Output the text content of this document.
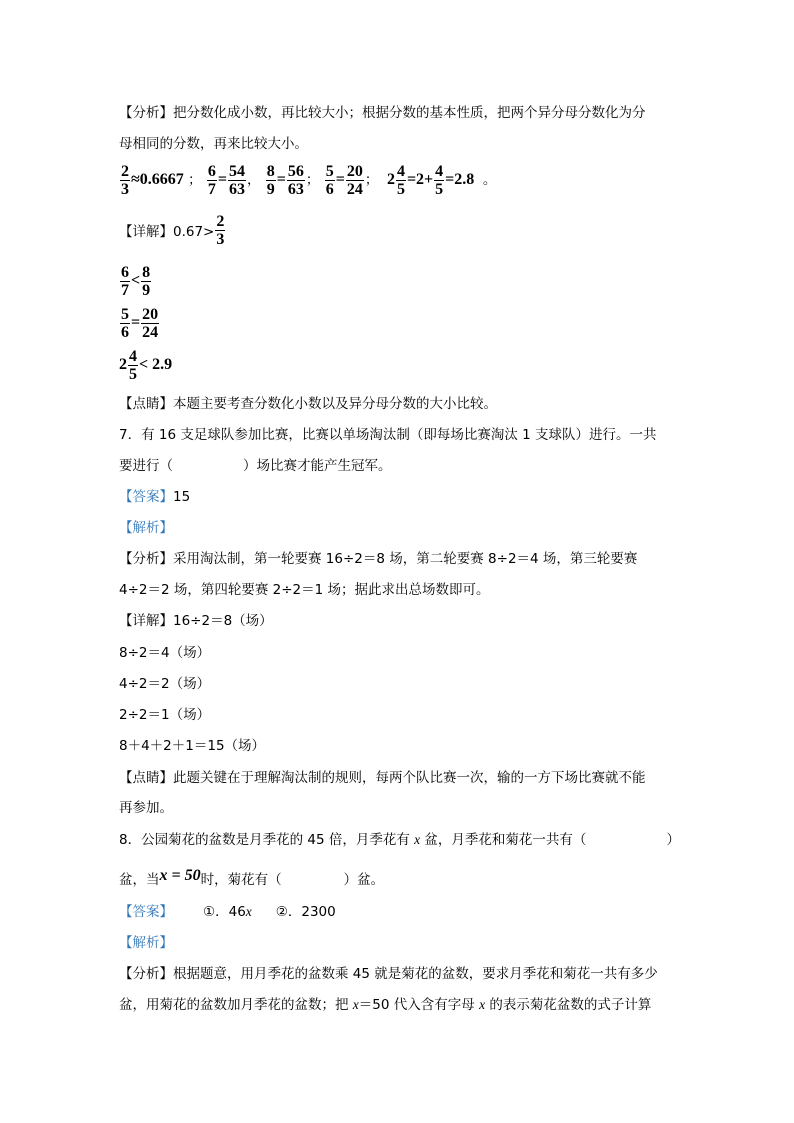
【分析】把分数化成小数，再比较大小；根据分数的基本性质，把两个异分母分数化为分
母相同的分数，再来比较大小。
$\frac{2}{3} \approx 0.6667$ ； $\frac{6}{7} = \frac{54}{63}$ ， $\frac{8}{9} = \frac{56}{63}$ ； $\frac{5}{6} = \frac{20}{24}$ ； $2 \frac{4}{5} =2+ \frac{4}{5} =2.8$ 。
【详解】$0.67> \frac{2}{3}$
$\frac{6}{7} < \frac{8}{9}$
$\frac{5}{6} = \frac{20}{24}$
$2 \frac{4}{5} < 2.9$
【点睛】本题主要考查分数化小数以及异分母分数的大小比较。
7．有 16 支足球队参加比赛，比赛以单场淘汰制（即每场比赛淘汰 1 支球队）进行。一共
要进行（	）场比赛才能产生冠军。
【答案】15
【解析】
【分析】采用淘汰制，第一轮要赛 16÷2＝8 场，第二轮要赛 8÷2＝4 场，第三轮要赛
4÷2＝2 场，第四轮要赛 2÷2＝1 场；据此求出总场数即可。
【详解】16÷2＝8（场）
8÷2＝4（场）
4÷2＝2（场）
2÷2＝1（场）
8＋4＋2＋1＝15（场）
【点睛】此题关键在于理解淘汰制的规则，每两个队比赛一次，输的一方下场比赛就不能
再参加。
8．公园菊花的盆数是月季花的 45 倍，月季花有 x 盆，月季花和菊花一共有（	）
盆，当x = 50时，菊花有（	）盆。
【答案】 ①．46x ②．2300
【解析】
【分析】根据题意，用月季花的盆数乘 45 就是菊花的盆数，要求月季花和菊花一共有多少
盆，用菊花的盆数加月季花的盆数；把 x＝50 代入含有字母 x 的表示菊花盆数的式子计算
